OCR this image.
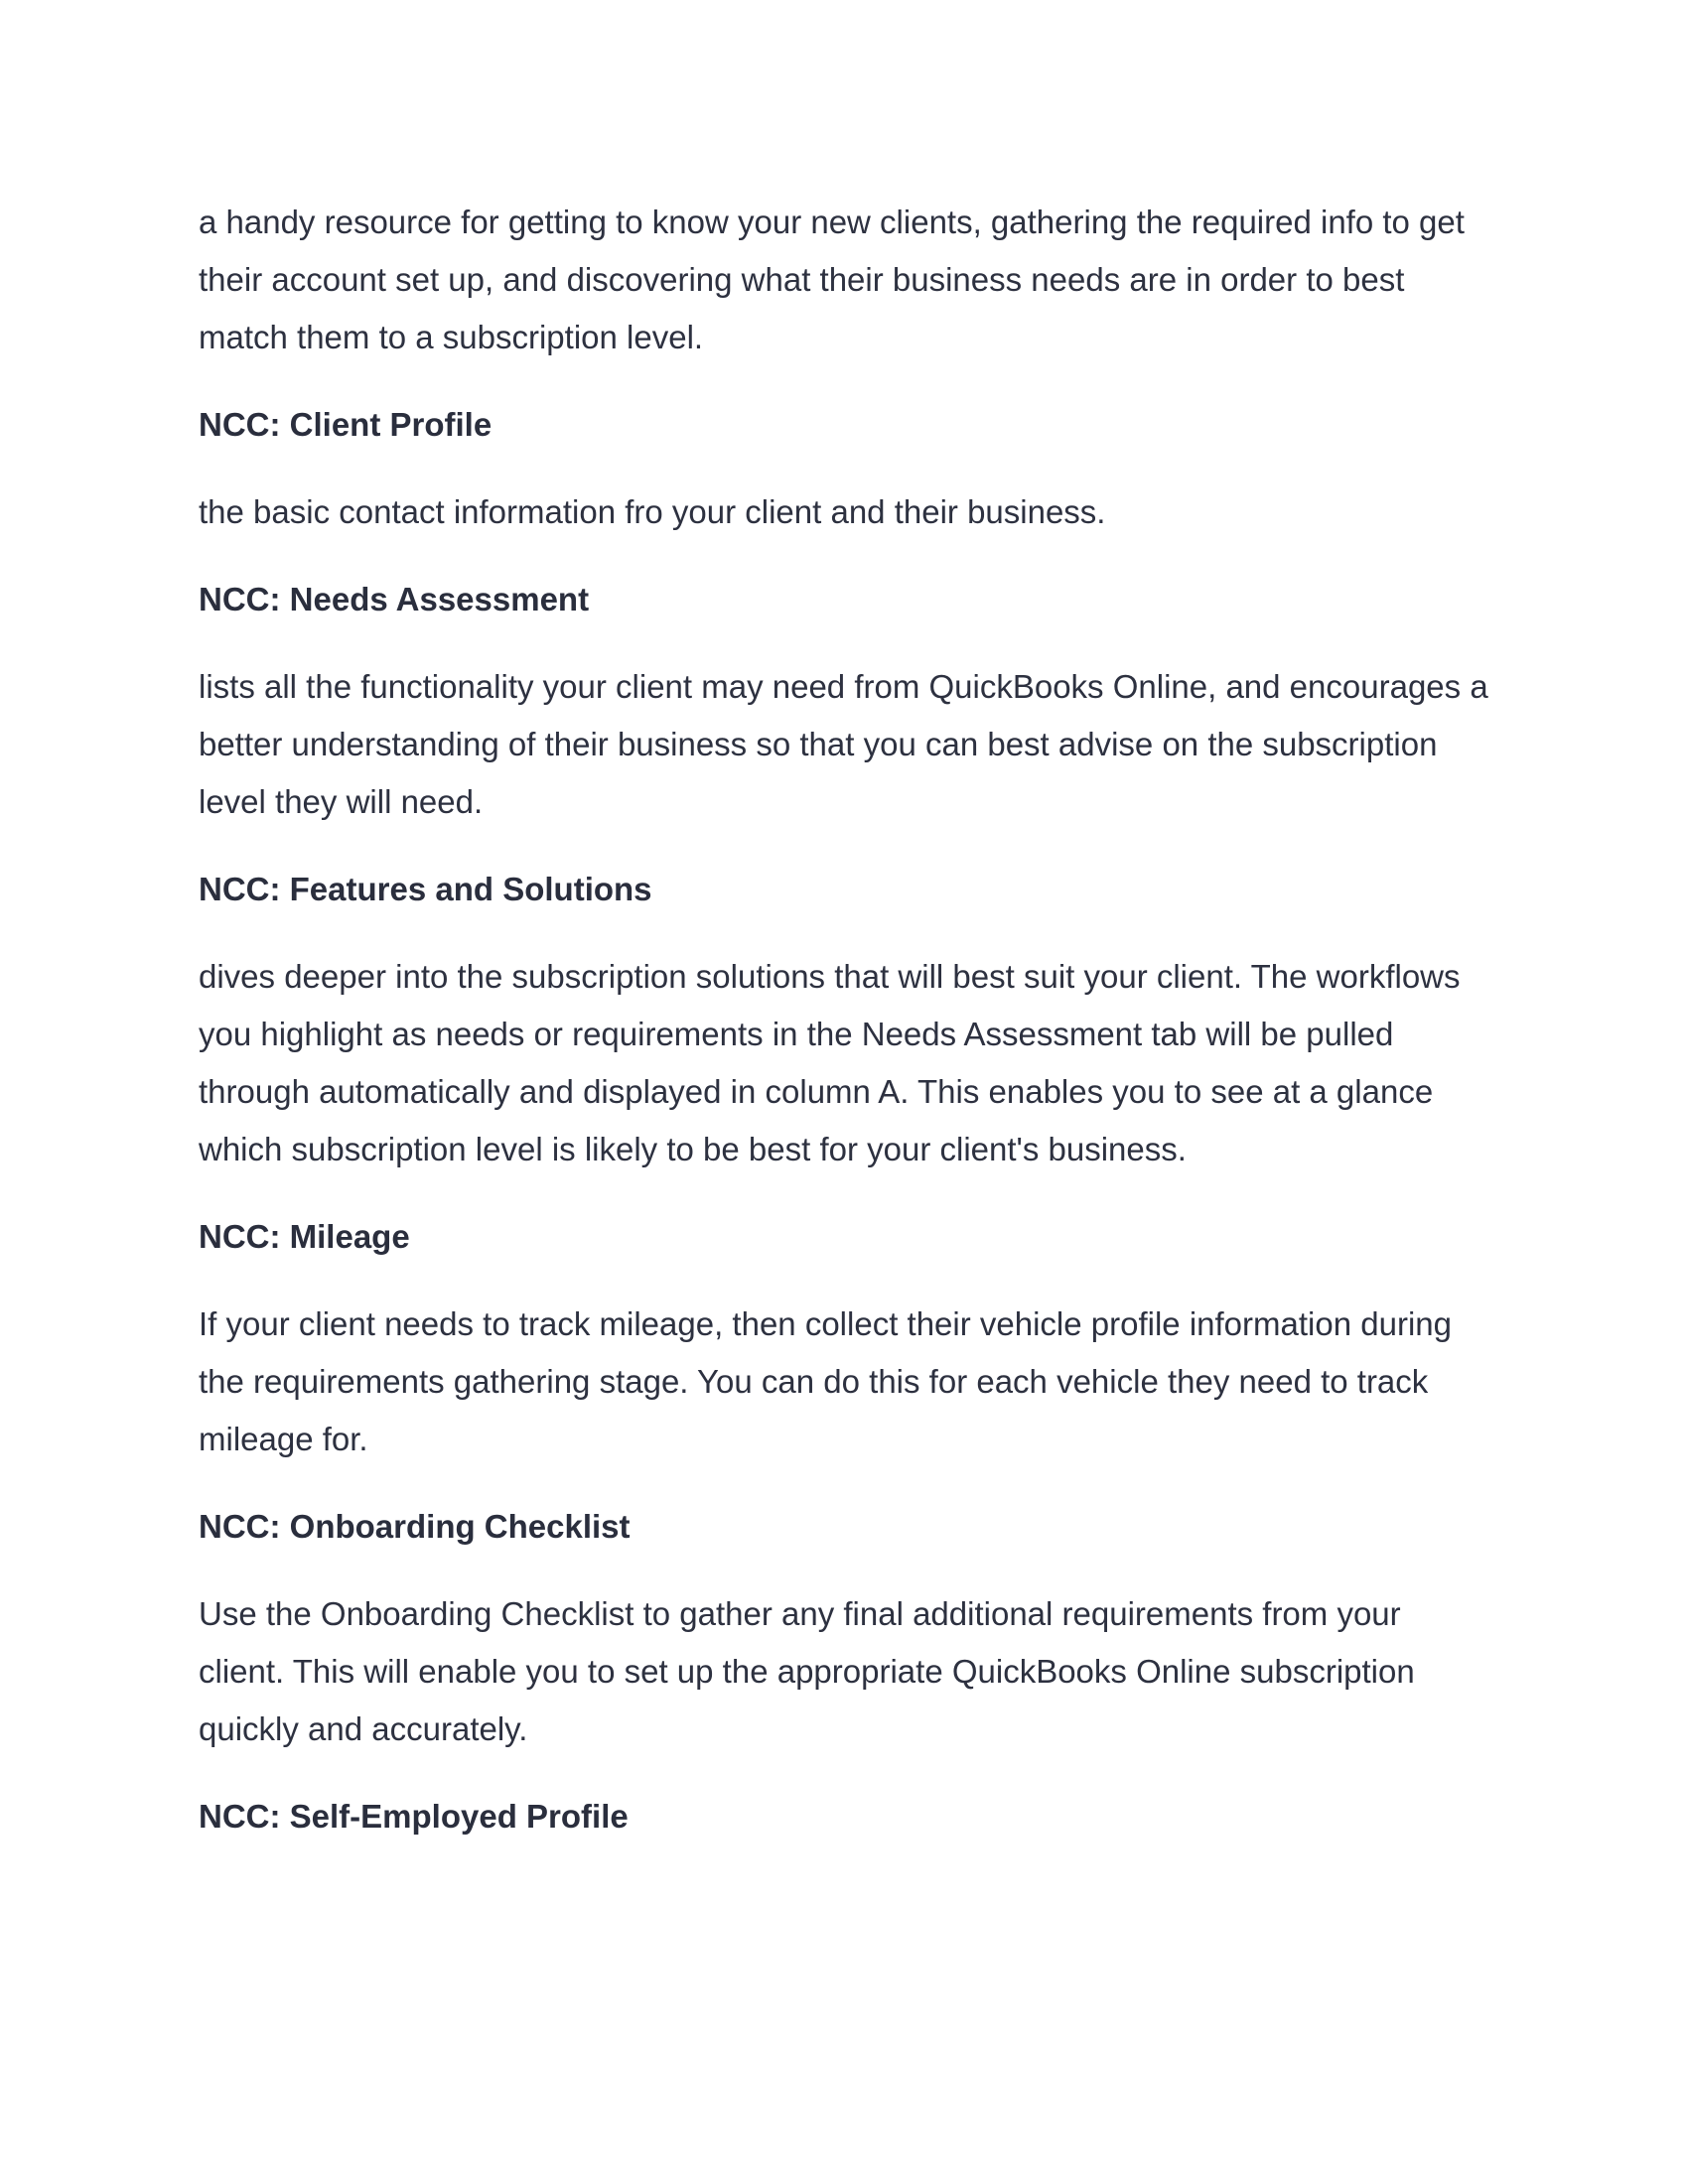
a handy resource for getting to know your new clients, gathering the required info to get their account set up, and discovering what their business needs are in order to best match them to a subscription level.

NCC: Client Profile

the basic contact information fro your client and their business.

NCC: Needs Assessment

lists all the functionality your client may need from QuickBooks Online, and encourages a better understanding of their business so that you can best advise on the subscription level they will need.

NCC: Features and Solutions

dives deeper into the subscription solutions that will best suit your client. The workflows you highlight as needs or requirements in the Needs Assessment tab will be pulled through automatically and displayed in column A. This enables you to see at a glance which subscription level is likely to be best for your client's business.

NCC: Mileage

If your client needs to track mileage, then collect their vehicle profile information during the requirements gathering stage. You can do this for each vehicle they need to track mileage for.

NCC: Onboarding Checklist

Use the Onboarding Checklist to gather any final additional requirements from your client. This will enable you to set up the appropriate QuickBooks Online subscription quickly and accurately.

NCC: Self-Employed Profile
